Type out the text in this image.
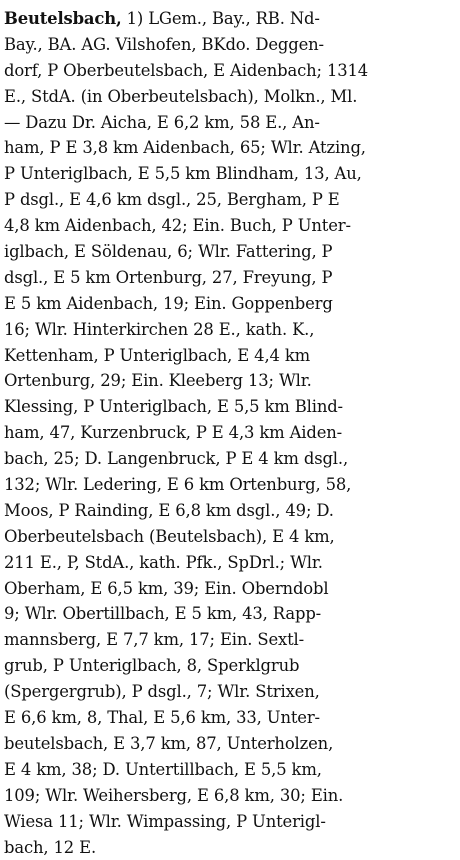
Beutelsbach, 1) LGem., Bay., RB. Nd-
Bay., BA. AG. Vilshofen, BKdo. Deggen-
dorf, P Oberbeutelsbach, E Aidenbach; 1314
E., StdA. (in Oberbeutelsbach), Molkn., Ml.
— Dazu Dr. Aicha, E 6,2 km, 58 E., An-
ham, P E 3,8 km Aidenbach, 65; Wlr. Atzing,
P Unteriglbach, E 5,5 km Blindham, 13, Au,
P dsgl., E 4,6 km dsgl., 25, Bergham, P E
4,8 km Aidenbach, 42; Ein. Buch, P Unter-
iglbach, E Söldenau, 6; Wlr. Fattering, P
dsgl., E 5 km Ortenburg, 27, Freyung, P
E 5 km Aidenbach, 19; Ein. Goppenberg
16; Wlr. Hinterkirchen 28 E., kath. K.,
Kettenham, P Unteriglbach, E 4,4 km
Ortenburg, 29; Ein. Kleeberg 13; Wlr.
Klessing, P Unteriglbach, E 5,5 km Blind-
ham, 47, Kurzenbruck, P E 4,3 km Aiden-
bach, 25; D. Langenbruck, P E 4 km dsgl.,
132; Wlr. Ledering, E 6 km Ortenburg, 58,
Moos, P Rainding, E 6,8 km dsgl., 49; D.
Oberbeutelsbach (Beutelsbach), E 4 km,
211 E., P, StdA., kath. Pfk., SpDrl.; Wlr.
Oberham, E 6,5 km, 39; Ein. Oberndobl
9; Wlr. Obertillbach, E 5 km, 43, Rapp-
mannsberg, E 7,7 km, 17; Ein. Sextl-
grub, P Unteriglbach, 8, Sperklgrub
(Spergergrub), P dsgl., 7; Wlr. Strixen,
E 6,6 km, 8, Thal, E 5,6 km, 33, Unter-
beutelsbach, E 3,7 km, 87, Unterholzen,
E 4 km, 38; D. Untertillbach, E 5,5 km,
109; Wlr. Weihersberg, E 6,8 km, 30; Ein.
Wiesa 11; Wlr. Wimpassing, P Unterigl-
bach, 12 E.
